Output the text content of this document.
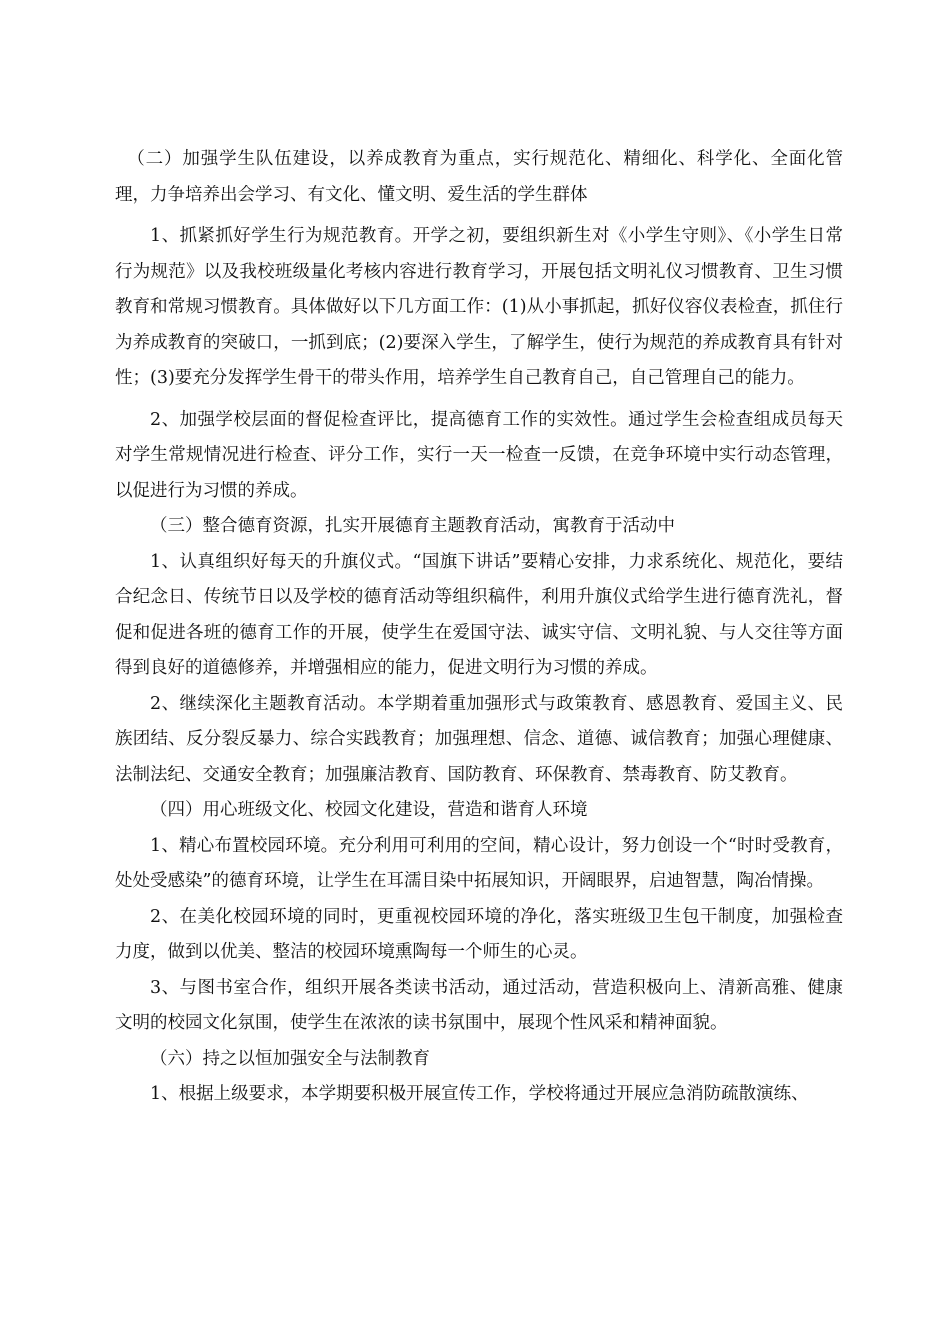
（二）加强学生队伍建设，以养成教育为重点，实行规范化、精细化、科学化、全面化管理，力争培养出会学习、有文化、懂文明、爱生活的学生群体

1、抓紧抓好学生行为规范教育。开学之初，要组织新生对《小学生守则》、《小学生日常行为规范》以及我校班级量化考核内容进行教育学习，开展包括文明礼仪习惯教育、卫生习惯教育和常规习惯教育。具体做好以下几方面工作：(1)从小事抓起，抓好仪容仪表检查，抓住行为养成教育的突破口，一抓到底；(2)要深入学生，了解学生，使行为规范的养成教育具有针对性；(3)要充分发挥学生骨干的带头作用，培养学生自己教育自己，自己管理自己的能力。

2、加强学校层面的督促检查评比，提高德育工作的实效性。通过学生会检查组成员每天对学生常规情况进行检查、评分工作，实行一天一检查一反馈，在竞争环境中实行动态管理，以促进行为习惯的养成。

（三）整合德育资源，扎实开展德育主题教育活动，寓教育于活动中

1、认真组织好每天的升旗仪式。“国旗下讲话”要精心安排，力求系统化、规范化，要结合纪念日、传统节日以及学校的德育活动等组织稿件，利用升旗仪式给学生进行德育洗礼，督促和促进各班的德育工作的开展，使学生在爱国守法、诚实守信、文明礼貌、与人交往等方面得到良好的道德修养，并增强相应的能力，促进文明行为习惯的养成。

2、继续深化主题教育活动。本学期着重加强形式与政策教育、感恩教育、爱国主义、民族团结、反分裂反暴力、综合实践教育；加强理想、信念、道德、诚信教育；加强心理健康、法制法纪、交通安全教育；加强廉洁教育、国防教育、环保教育、禁毒教育、防艾教育。

（四）用心班级文化、校园文化建设，营造和谐育人环境

1、精心布置校园环境。充分利用可利用的空间，精心设计，努力创设一个“时时受教育，处处受感染”的德育环境，让学生在耳濡目染中拓展知识，开阔眼界，启迪智慧，陶冶情操。

2、在美化校园环境的同时，更重视校园环境的净化，落实班级卫生包干制度，加强检查力度，做到以优美、整洁的校园环境熏陶每一个师生的心灵。

3、与图书室合作，组织开展各类读书活动，通过活动，营造积极向上、清新高雅、健康文明的校园文化氛围，使学生在浓浓的读书氛围中，展现个性风采和精神面貌。

（六）持之以恒加强安全与法制教育

1、根据上级要求，本学期要积极开展宣传工作，学校将通过开展应急消防疏散演练、
